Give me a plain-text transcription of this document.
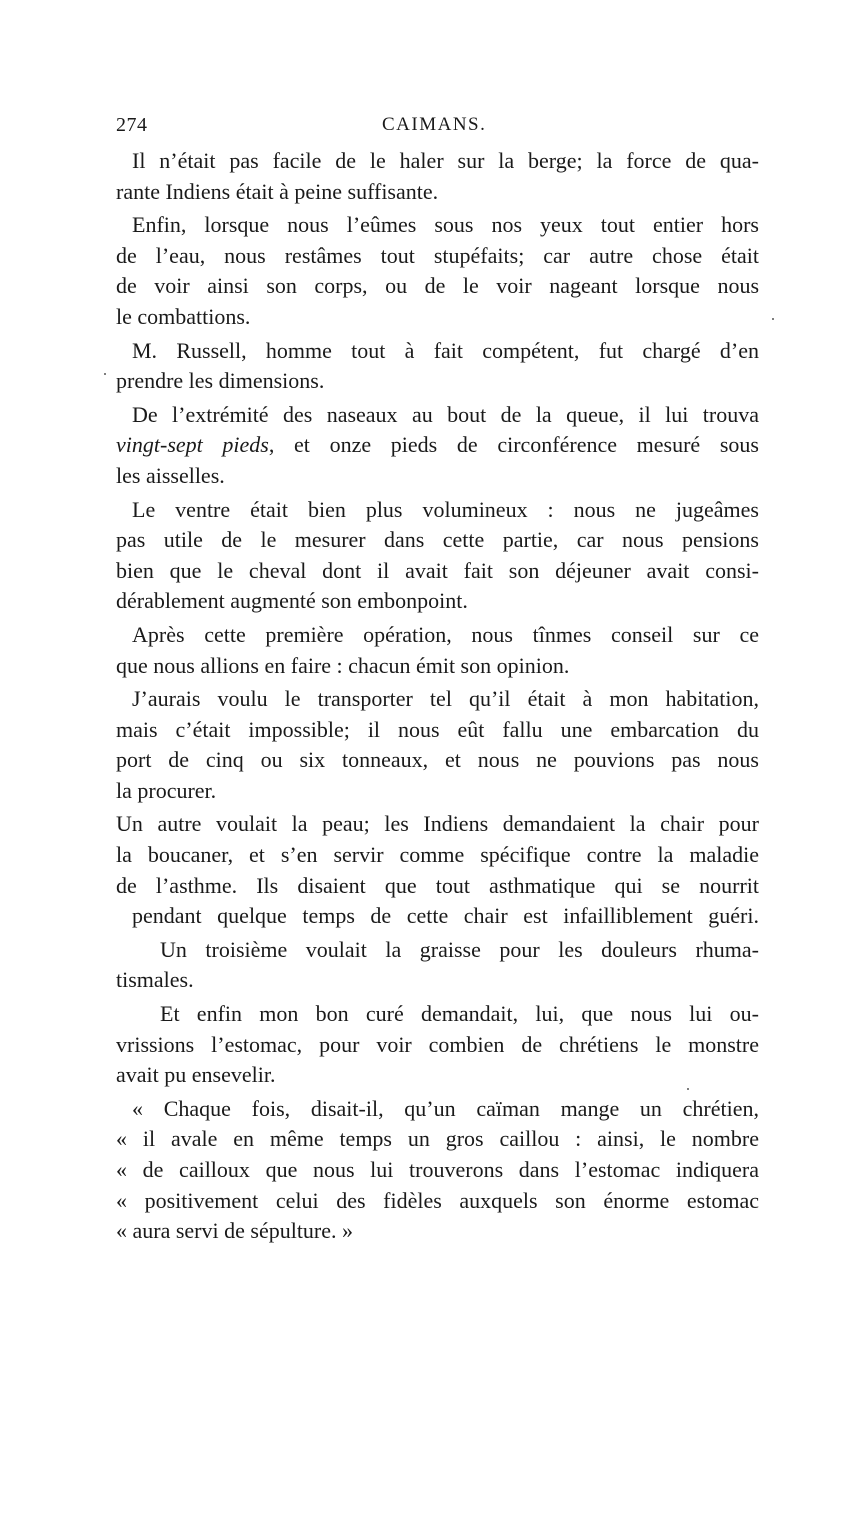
274	CAIMANS.
Il n’était pas facile de le haler sur la berge; la force de qua-
rante Indiens était à peine suffisante.
Enfin, lorsque nous l’eûmes sous nos yeux tout entier hors
de l’eau, nous restâmes tout stupéfaits; car autre chose était
de voir ainsi son corps, ou de le voir nageant lorsque nous
le combattions.
M. Russell, homme tout à fait compétent, fut chargé d’en
prendre les dimensions.
De l’extrémité des naseaux au bout de la queue, il lui trouva
vingt-sept pieds, et onze pieds de circonférence mesuré sous
les aisselles.
Le ventre était bien plus volumineux : nous ne jugeâmes
pas utile de le mesurer dans cette partie, car nous pensions
bien que le cheval dont il avait fait son déjeuner avait consi-
dérablement augmenté son embonpoint.
Après cette première opération, nous tînmes conseil sur ce
que nous allions en faire : chacun émit son opinion.
J’aurais voulu le transporter tel qu’il était à mon habitation,
mais c’était impossible; il nous eût fallu une embarcation du
port de cinq ou six tonneaux, et nous ne pouvions pas nous
la procurer.
Un autre voulait la peau; les Indiens demandaient la chair pour
la boucaner, et s’en servir comme spécifique contre la maladie
de l’asthme. Ils disaient que tout asthmatique qui se nourrit
pendant quelque temps de cette chair est infailliblement guéri.
Un troisième voulait la graisse pour les douleurs rhuma-
tismales.
Et enfin mon bon curé demandait, lui, que nous lui ou-
vrissions l’estomac, pour voir combien de chrétiens le monstre
avait pu ensevelir.
« Chaque fois, disait-il, qu’un caïman mange un chrétien,
« il avale en même temps un gros caillou : ainsi, le nombre
« de cailloux que nous lui trouverons dans l’estomac indiquera
« positivement celui des fidèles auxquels son énorme estomac
« aura servi de sépulture. »
